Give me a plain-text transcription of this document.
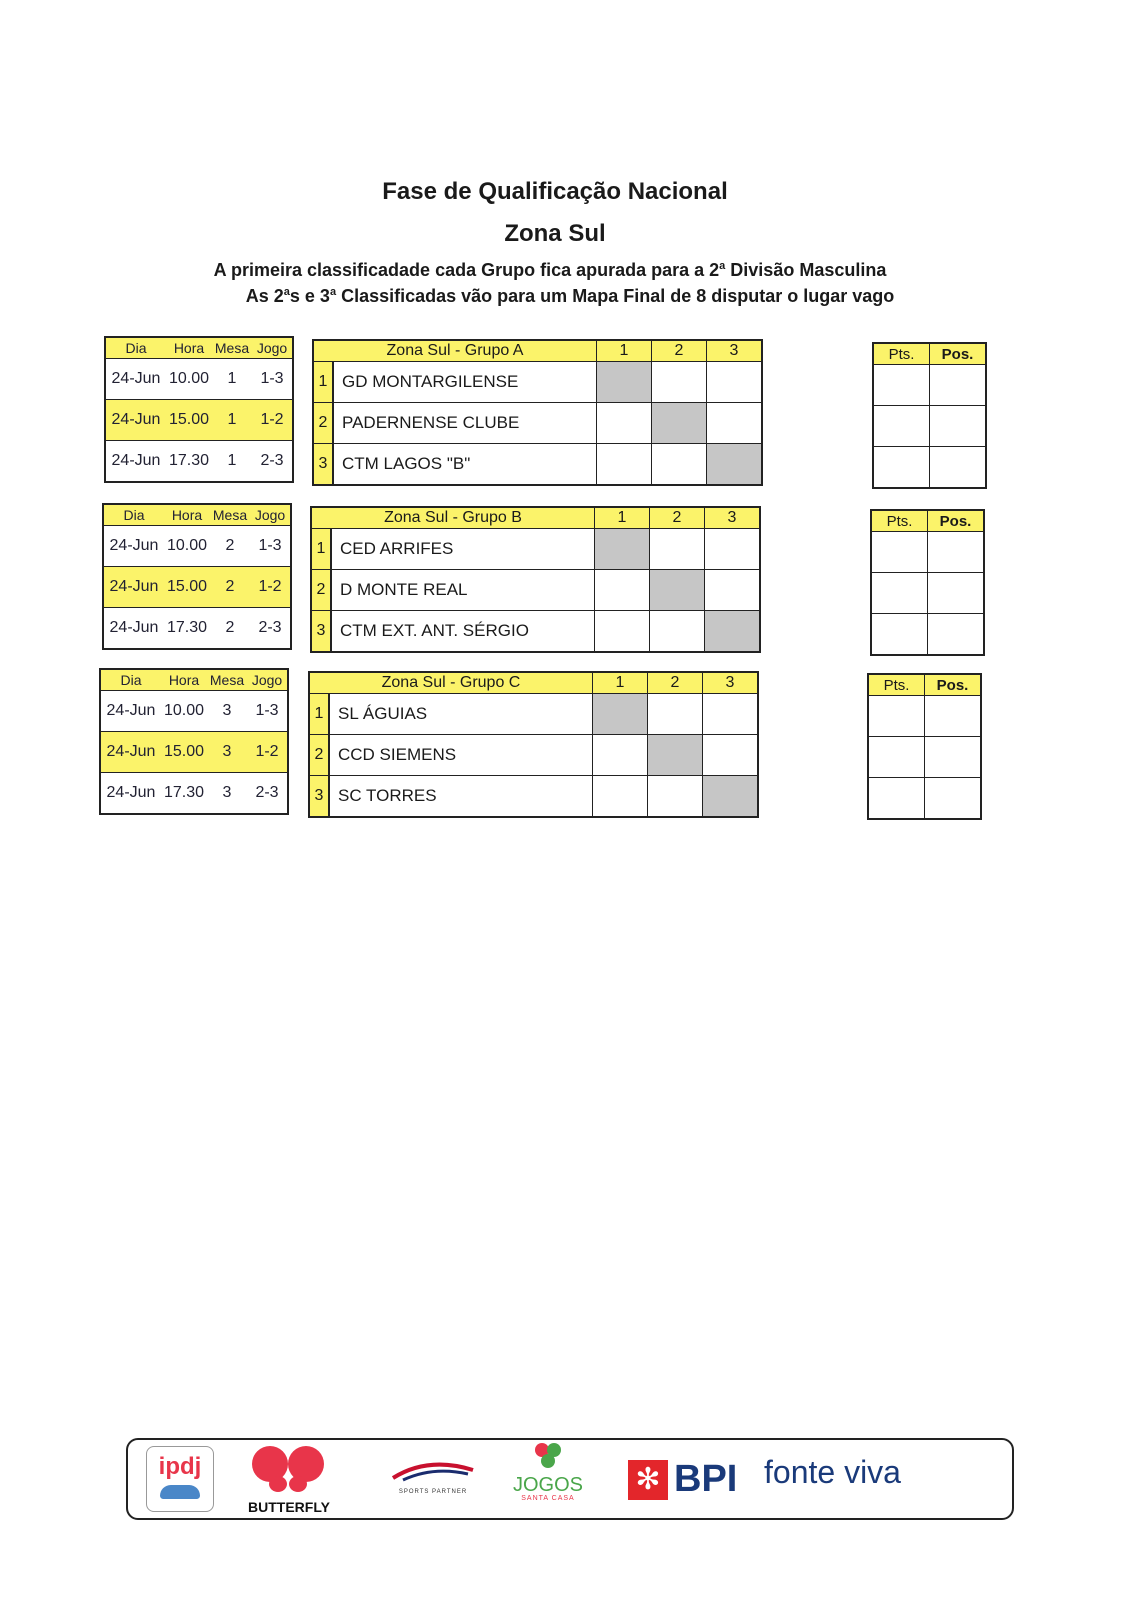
Fase de Qualificação Nacional
Zona Sul
A primeira classificadade cada Grupo fica apurada para a 2$^a$ Divisão Masculina
As 2$^a$s e 3$^a$ Classificadas vão para um Mapa Final de 8 disputar o lugar vago
Dia	Hora	Mesa	Jogo
24-Jun	10.00	1	1-3
24-Jun	15.00	1	1-2
24-Jun	17.30	1	2-3
Zona Sul - Grupo A		1	2	3
1	GD MONTARGILENSE			
2	PADERNENSE CLUBE			
3	CTM LAGOS "B"			
Pts.	Pos.

Dia	Hora	Mesa	Jogo
24-Jun	10.00	2	1-3
24-Jun	15.00	2	1-2
24-Jun	17.30	2	2-3
Zona Sul - Grupo B		1	2	3
1	CED ARRIFES			
2	D MONTE REAL			
3	CTM EXT. ANT. SÉRGIO			
Pts.	Pos.

Dia	Hora	Mesa	Jogo
24-Jun	10.00	3	1-3
24-Jun	15.00	3	1-2
24-Jun	17.30	3	2-3
Zona Sul - Grupo C		1	2	3
1	SL ÁGUIAS			
2	CCD SIEMENS			
3	SC TORRES			
Pts.	Pos.

ipdj
BUTTERFLY
SPORTS PARTNER	JOGOS
SANTA CASA
✻ BPI fonte viva
